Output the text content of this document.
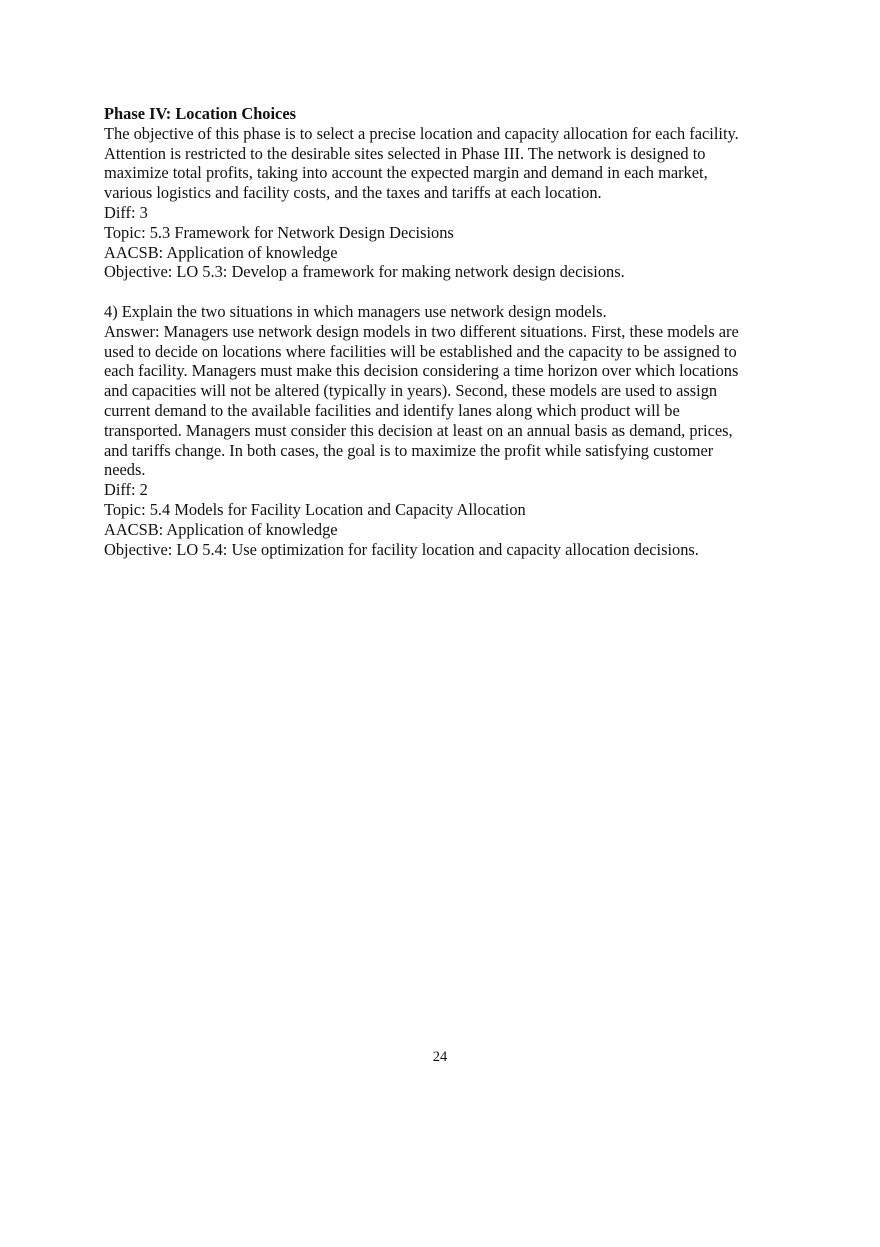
Phase IV: Location Choices
The objective of this phase is to select a precise location and capacity allocation for each facility.
Attention is restricted to the desirable sites selected in Phase III. The network is designed to
maximize total profits, taking into account the expected margin and demand in each market,
various logistics and facility costs, and the taxes and tariffs at each location.
Diff: 3
Topic: 5.3 Framework for Network Design Decisions
AACSB: Application of knowledge
Objective: LO 5.3: Develop a framework for making network design decisions.
4) Explain the two situations in which managers use network design models.
Answer: Managers use network design models in two different situations. First, these models are
used to decide on locations where facilities will be established and the capacity to be assigned to
each facility. Managers must make this decision considering a time horizon over which locations
and capacities will not be altered (typically in years). Second, these models are used to assign
current demand to the available facilities and identify lanes along which product will be
transported. Managers must consider this decision at least on an annual basis as demand, prices,
and tariffs change. In both cases, the goal is to maximize the profit while satisfying customer
needs.
Diff: 2
Topic: 5.4 Models for Facility Location and Capacity Allocation
AACSB: Application of knowledge
Objective: LO 5.4: Use optimization for facility location and capacity allocation decisions.
24
